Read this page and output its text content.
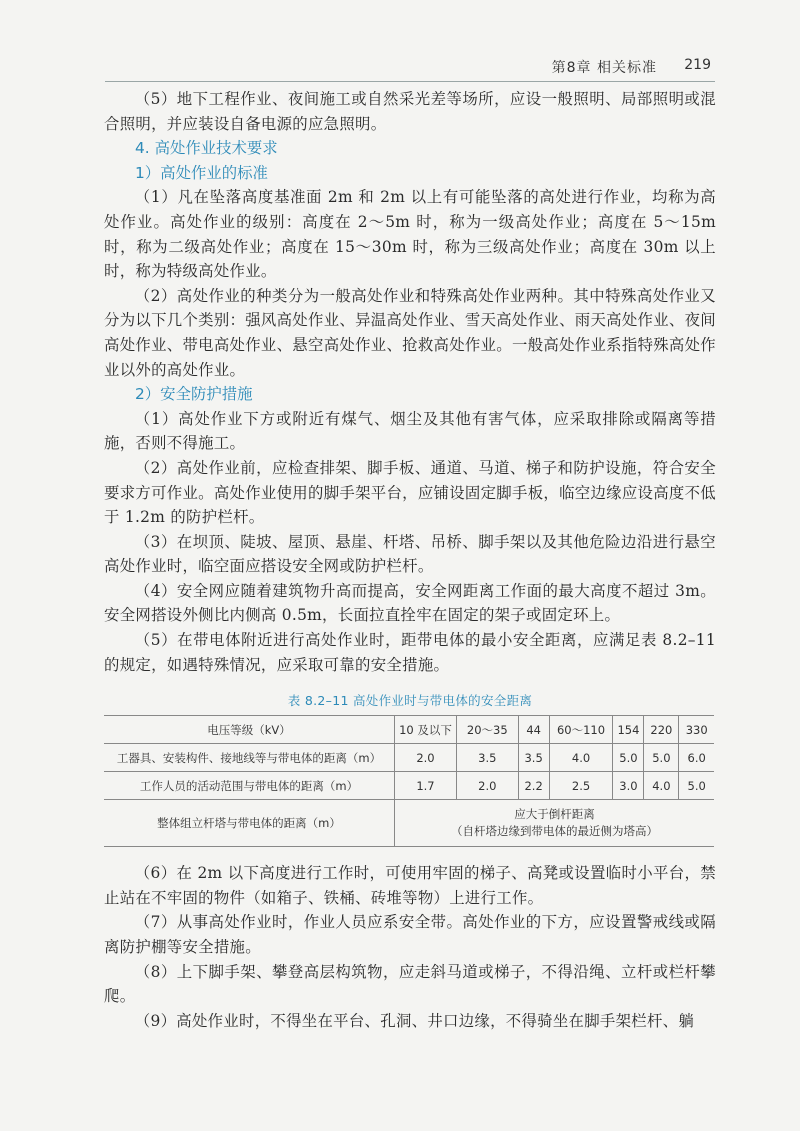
第8章 相关标准 219

（5）地下工程作业、夜间施工或自然采光差等场所，应设一般照明、局部照明或混合照明，并应装设自备电源的应急照明。

4. 高处作业技术要求
1）高处作业的标准

（1）凡在坠落高度基准面 2m 和 2m 以上有可能坠落的高处进行作业，均称为高处作业。高处作业的级别：高度在 2～5m 时，称为一级高处作业；高度在 5～15m 时，称为二级高处作业；高度在 15～30m 时，称为三级高处作业；高度在 30m 以上时，称为特级高处作业。

（2）高处作业的种类分为一般高处作业和特殊高处作业两种。其中特殊高处作业又分为以下几个类别：强风高处作业、异温高处作业、雪天高处作业、雨天高处作业、夜间高处作业、带电高处作业、悬空高处作业、抢救高处作业。一般高处作业系指特殊高处作业以外的高处作业。

2）安全防护措施

（1）高处作业下方或附近有煤气、烟尘及其他有害气体，应采取排除或隔离等措施，否则不得施工。

（2）高处作业前，应检查排架、脚手板、通道、马道、梯子和防护设施，符合安全要求方可作业。高处作业使用的脚手架平台，应铺设固定脚手板，临空边缘应设高度不低于 1.2m 的防护栏杆。

（3）在坝顶、陡坡、屋顶、悬崖、杆塔、吊桥、脚手架以及其他危险边沿进行悬空高处作业时，临空面应搭设安全网或防护栏杆。

（4）安全网应随着建筑物升高而提高，安全网距离工作面的最大高度不超过 3m。安全网搭设外侧比内侧高 0.5m，长面拉直拴牢在固定的架子或固定环上。

（5）在带电体附近进行高处作业时，距带电体的最小安全距离，应满足表 8.2–11 的规定，如遇特殊情况，应采取可靠的安全措施。

表 8.2–11 高处作业时与带电体的安全距离
电压等级（kV）	10 及以下	20～35	44	60～110	154	220	330
工器具、安装构件、接地线等与带电体的距离（m）	2.0	3.5	3.5	4.0	5.0	5.0	6.0
工作人员的活动范围与带电体的距离（m）	1.7	2.0	2.2	2.5	3.0	4.0	5.0
整体组立杆塔与带电体的距离（m）	应大于倒杆距离
（自杆塔边缘到带电体的最近侧为塔高）						

（6）在 2m 以下高度进行工作时，可使用牢固的梯子、高凳或设置临时小平台，禁止站在不牢固的物件（如箱子、铁桶、砖堆等物）上进行工作。

（7）从事高处作业时，作业人员应系安全带。高处作业的下方，应设置警戒线或隔离防护棚等安全措施。

（8）上下脚手架、攀登高层构筑物，应走斜马道或梯子，不得沿绳、立杆或栏杆攀爬。

（9）高处作业时，不得坐在平台、孔洞、井口边缘，不得骑坐在脚手架栏杆、躺
